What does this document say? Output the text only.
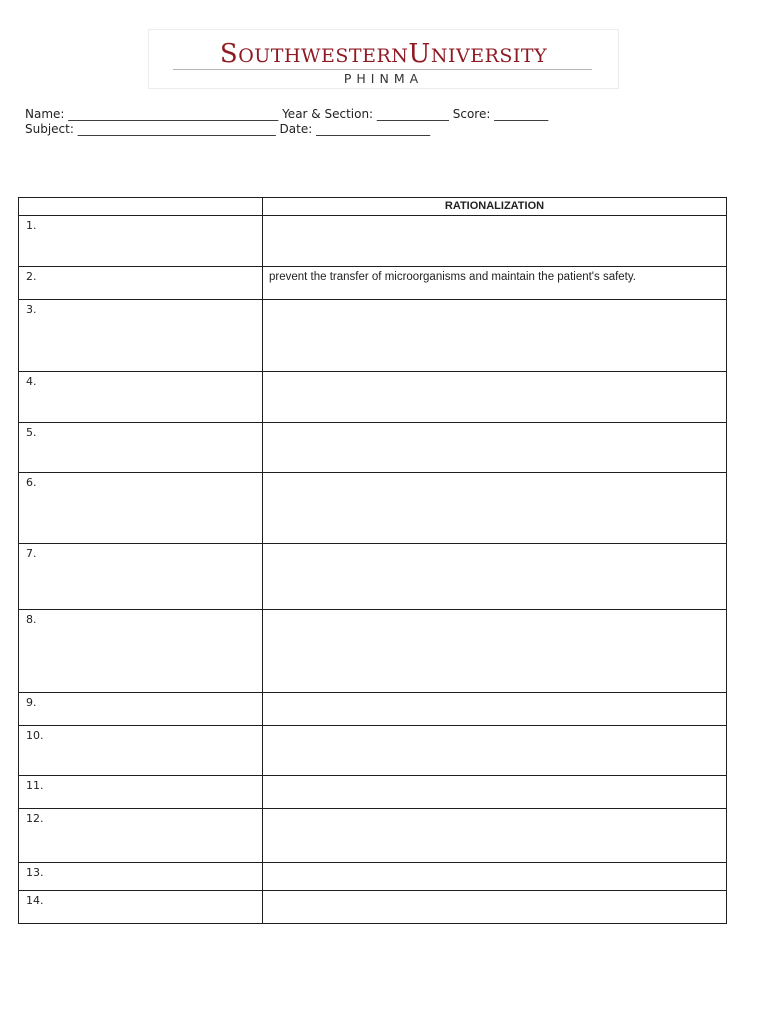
SOUTHWESTERNUNIVERSITY
PHINMA
Name: ___________________________________ Year & Section: ____________ Score: _________
Subject: _________________________________ Date: ___________________
	RATIONALIZATION

1.	

2.	prevent the transfer of microorganisms and maintain the patient's safety.

3.	

4.	

5.	

6.	

7.	

8.	

9.	

10.	

11.	

12.	

13.	

14.	
